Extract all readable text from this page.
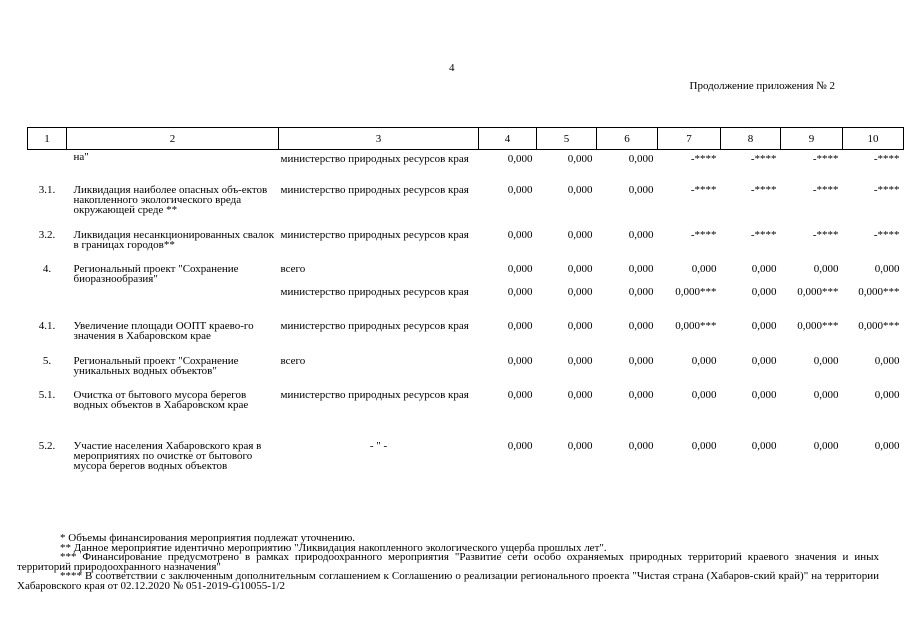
4
Продолжение приложения № 2
1	2	3	4	5	6	7	8	9	10
	на"	министерство природных ресурсов края	0,000	0,000	0,000	-****	-****	-****	-****
3.1.	Ликвидация наиболее опасных объ-ектов накопленного экологического вреда окружающей среде **	министерство природных ресурсов края	0,000	0,000	0,000	-****	-****	-****	-****
3.2.	Ликвидация несанкционированных свалок в границах городов**	министерство природных ресурсов края	0,000	0,000	0,000	-****	-****	-****	-****
4.	Региональный проект "Сохранение биоразнообразия"	всего	0,000	0,000	0,000	0,000	0,000	0,000	0,000
		министерство природных ресурсов края	0,000	0,000	0,000	0,000***	0,000	0,000***	0,000***
4.1.	Увеличение площади ООПТ краево-го значения в Хабаровском крае	министерство природных ресурсов края	0,000	0,000	0,000	0,000***	0,000	0,000***	0,000***
5.	Региональный проект "Сохранение уникальных водных объектов"	всего	0,000	0,000	0,000	0,000	0,000	0,000	0,000
5.1.	Очистка от бытового мусора берегов водных объектов в Хабаровском крае	министерство природных ресурсов края	0,000	0,000	0,000	0,000	0,000	0,000	0,000
5.2.	Участие населения Хабаровского края в мероприятиях по очистке от бытового мусора берегов водных объектов	- " -	0,000	0,000	0,000	0,000	0,000	0,000	0,000

* Объемы финансирования мероприятия подлежат уточнению.

** Данное мероприятие идентично мероприятию "Ликвидация накопленного экологического ущерба прошлых лет".

*** Финансирование предусмотрено в рамках природоохранного мероприятия "Развитие сети особо охраняемых природных территорий краевого значения и иных территорий природоохранного назначения"

**** В соответствии с заключенным дополнительным соглашением к Соглашению о реализации регионального проекта "Чистая страна (Хабаров-ский край)" на территории Хабаровского края от 02.12.2020 № 051-2019-G10055-1/2
